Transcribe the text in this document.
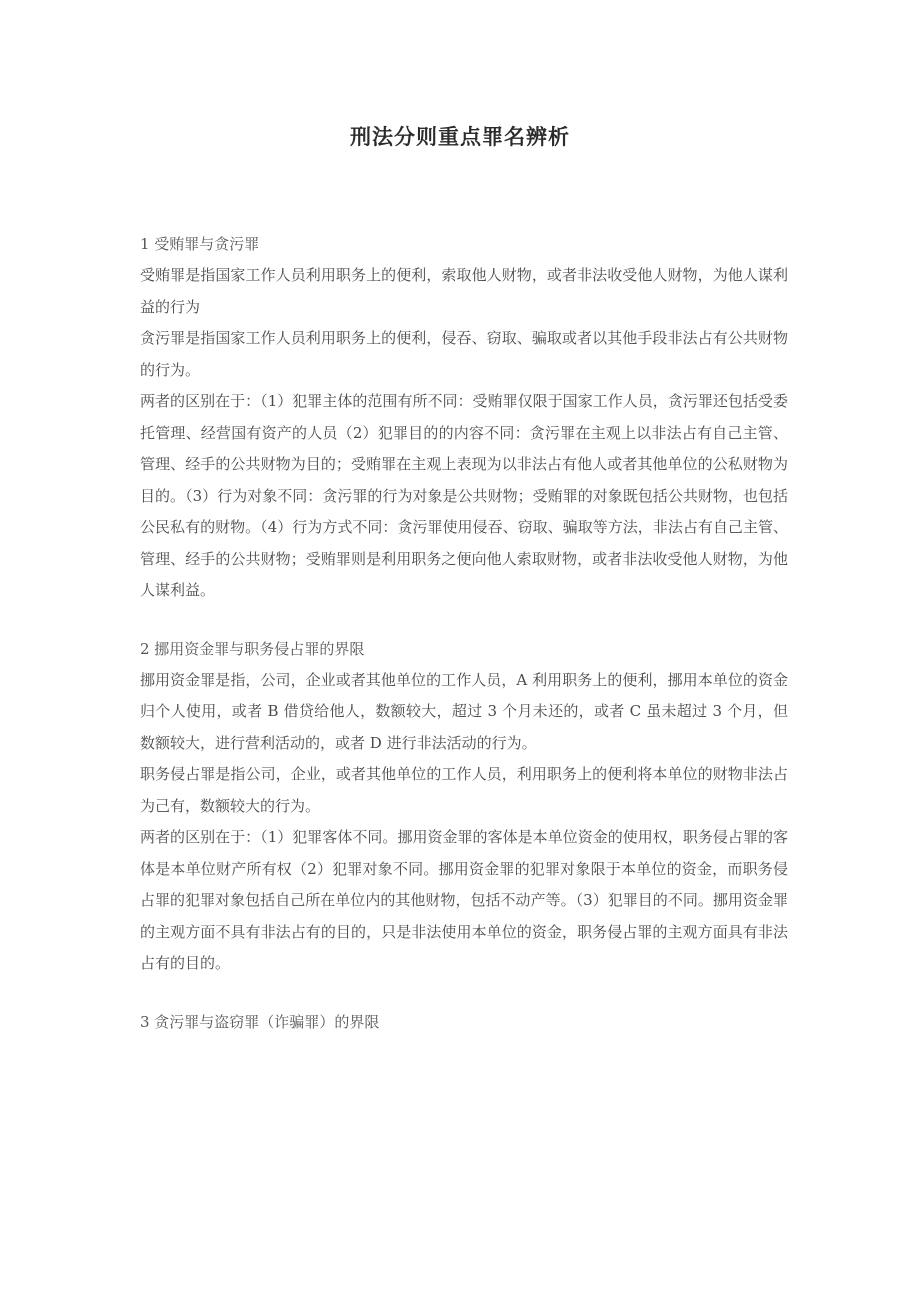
刑法分则重点罪名辨析

1 受贿罪与贪污罪

受贿罪是指国家工作人员利用职务上的便利，索取他人财物，或者非法收受他人财物，为他人谋利益的行为

贪污罪是指国家工作人员利用职务上的便利，侵吞、窃取、骗取或者以其他手段非法占有公共财物的行为。

两者的区别在于：（1）犯罪主体的范围有所不同：受贿罪仅限于国家工作人员，贪污罪还包括受委托管理、经营国有资产的人员（2）犯罪目的的内容不同：贪污罪在主观上以非法占有自己主管、管理、经手的公共财物为目的；受贿罪在主观上表现为以非法占有他人或者其他单位的公私财物为目的。（3）行为对象不同：贪污罪的行为对象是公共财物；受贿罪的对象既包括公共财物，也包括公民私有的财物。（4）行为方式不同：贪污罪使用侵吞、窃取、骗取等方法，非法占有自己主管、管理、经手的公共财物；受贿罪则是利用职务之便向他人索取财物，或者非法收受他人财物，为他人谋利益。

2 挪用资金罪与职务侵占罪的界限

挪用资金罪是指，公司，企业或者其他单位的工作人员，A 利用职务上的便利，挪用本单位的资金归个人使用，或者 B 借贷给他人，数额较大，超过 3 个月未还的，或者 C 虽未超过 3 个月，但数额较大，进行营利活动的，或者 D 进行非法活动的行为。

职务侵占罪是指公司，企业，或者其他单位的工作人员，利用职务上的便利将本单位的财物非法占为己有，数额较大的行为。

两者的区别在于：（1）犯罪客体不同。挪用资金罪的客体是本单位资金的使用权，职务侵占罪的客体是本单位财产所有权（2）犯罪对象不同。挪用资金罪的犯罪对象限于本单位的资金，而职务侵占罪的犯罪对象包括自己所在单位内的其他财物，包括不动产等。（3）犯罪目的不同。挪用资金罪的主观方面不具有非法占有的目的，只是非法使用本单位的资金，职务侵占罪的主观方面具有非法占有的目的。

3 贪污罪与盗窃罪（诈骗罪）的界限
